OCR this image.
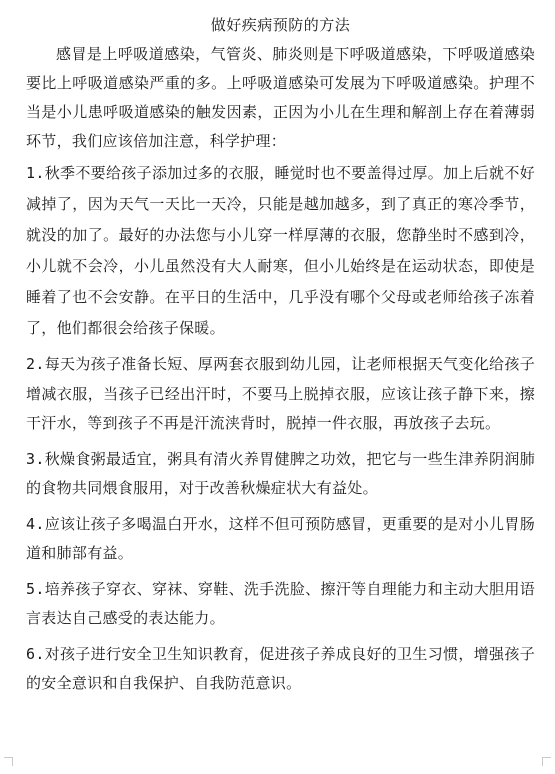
做好疾病预防的方法

感冒是上呼吸道感染，气管炎、肺炎则是下呼吸道感染，下呼吸道感染要比上呼吸道感染严重的多。上呼吸道感染可发展为下呼吸道感染。护理不当是小儿患呼吸道感染的触发因素，正因为小儿在生理和解剖上存在着薄弱环节，我们应该倍加注意，科学护理：

1.秋季不要给孩子添加过多的衣服，睡觉时也不要盖得过厚。加上后就不好减掉了，因为天气一天比一天冷，只能是越加越多，到了真正的寒冷季节，就没的加了。最好的办法您与小儿穿一样厚薄的衣服，您静坐时不感到冷，小儿就不会冷，小儿虽然没有大人耐寒，但小儿始终是在运动状态，即使是睡着了也不会安静。在平日的生活中，几乎没有哪个父母或老师给孩子冻着了，他们都很会给孩子保暖。

2.每天为孩子准备长短、厚两套衣服到幼儿园，让老师根据天气变化给孩子增减衣服，当孩子已经出汗时，不要马上脱掉衣服，应该让孩子静下来，擦干汗水，等到孩子不再是汗流浃背时，脱掉一件衣服，再放孩子去玩。

3.秋燥食粥最适宜，粥具有清火养胃健脾之功效，把它与一些生津养阴润肺的食物共同煨食服用，对于改善秋燥症状大有益处。

4.应该让孩子多喝温白开水，这样不但可预防感冒，更重要的是对小儿胃肠道和肺部有益。

5.培养孩子穿衣、穿袜、穿鞋、洗手洗脸、擦汗等自理能力和主动大胆用语言表达自己感受的表达能力。

6.对孩子进行安全卫生知识教育，促进孩子养成良好的卫生习惯，增强孩子的安全意识和自我保护、自我防范意识。
